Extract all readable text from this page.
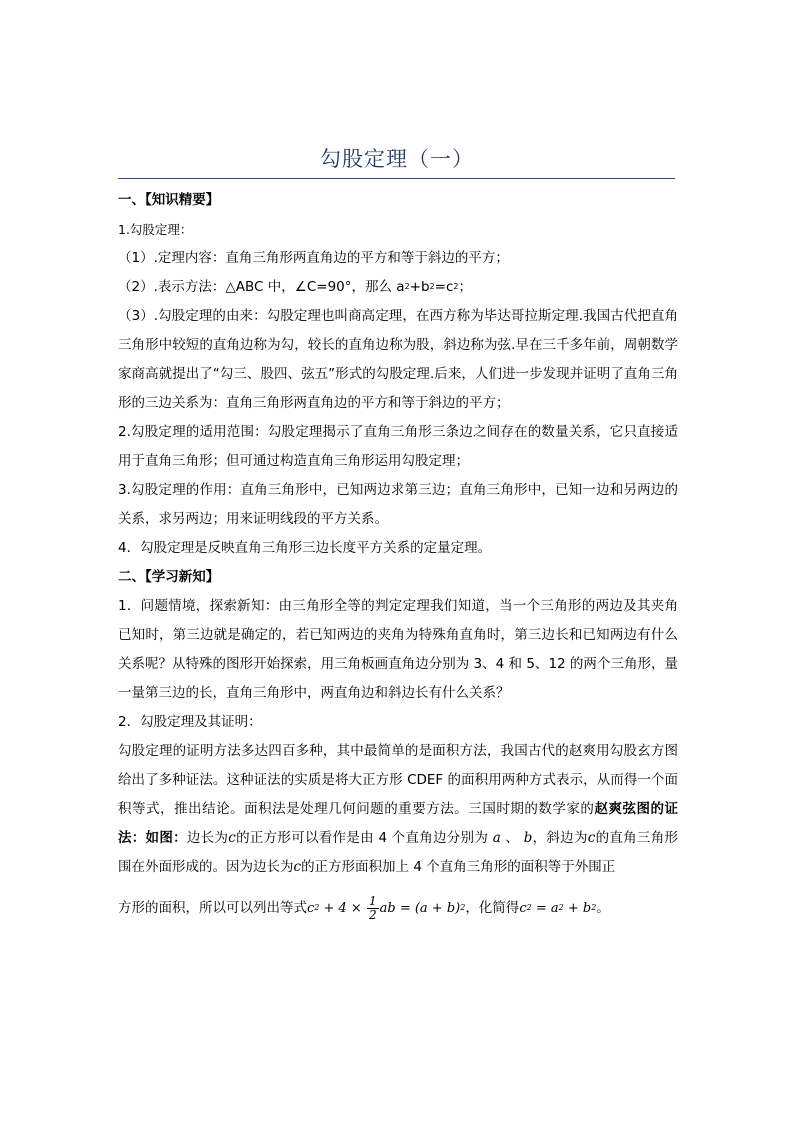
勾股定理（一）
一、【知识精要】

1.勾股定理：

（1）.定理内容：直角三角形两直角边的平方和等于斜边的平方；

（2）.表示方法：△ABC 中，∠C=90°，那么 $a^2+b^2=c^2$；

（3）.勾股定理的由来：勾股定理也叫商高定理，在西方称为毕达哥拉斯定理.我国古代把直角三角形中较短的直角边称为勾，较长的直角边称为股，斜边称为弦.早在三千多年前，周朝数学家商高就提出了“勾三、股四、弦五”形式的勾股定理.后来，人们进一步发现并证明了直角三角形的三边关系为：直角三角形两直角边的平方和等于斜边的平方；

2.勾股定理的适用范围：勾股定理揭示了直角三角形三条边之间存在的数量关系，它只直接适用于直角三角形；但可通过构造直角三角形运用勾股定理；

3.勾股定理的作用：直角三角形中，已知两边求第三边；直角三角形中，已知一边和另两边的关系，求另两边；用来证明线段的平方关系。

4．勾股定理是反映直角三角形三边长度平方关系的定量定理。

二、【学习新知】

1．问题情境，探索新知：由三角形全等的判定定理我们知道，当一个三角形的两边及其夹角已知时，第三边就是确定的，若已知两边的夹角为特殊角直角时，第三边长和已知两边有什么关系呢？从特殊的图形开始探索，用三角板画直角边分别为 3、4 和 5、12 的两个三角形，量一量第三边的长，直角三角形中，两直角边和斜边长有什么关系？

2．勾股定理及其证明：

勾股定理的证明方法多达四百多种，其中最简单的是面积方法，我国古代的赵爽用勾股玄方图给出了多种证法。这种证法的实质是将大正方形 CDEF 的面积用两种方式表示，从而得一个面积等式，推出结论。面积法是处理几何问题的重要方法。三国时期的数学家的赵爽弦图的证法：如图：边长为c的正方形可以看作是由 4 个直角边分别为 a 、 b，斜边为c的直角三角形围在外面形成的。因为边长为c的正方形面积加上 4 个直角三角形的面积等于外围正

方形的面积，所以可以列出等式$c^2 + 4 \times \frac{1}{2}$ ab = $(a + b)^2$，化简得$c^2 = a^2 + b^2$。
